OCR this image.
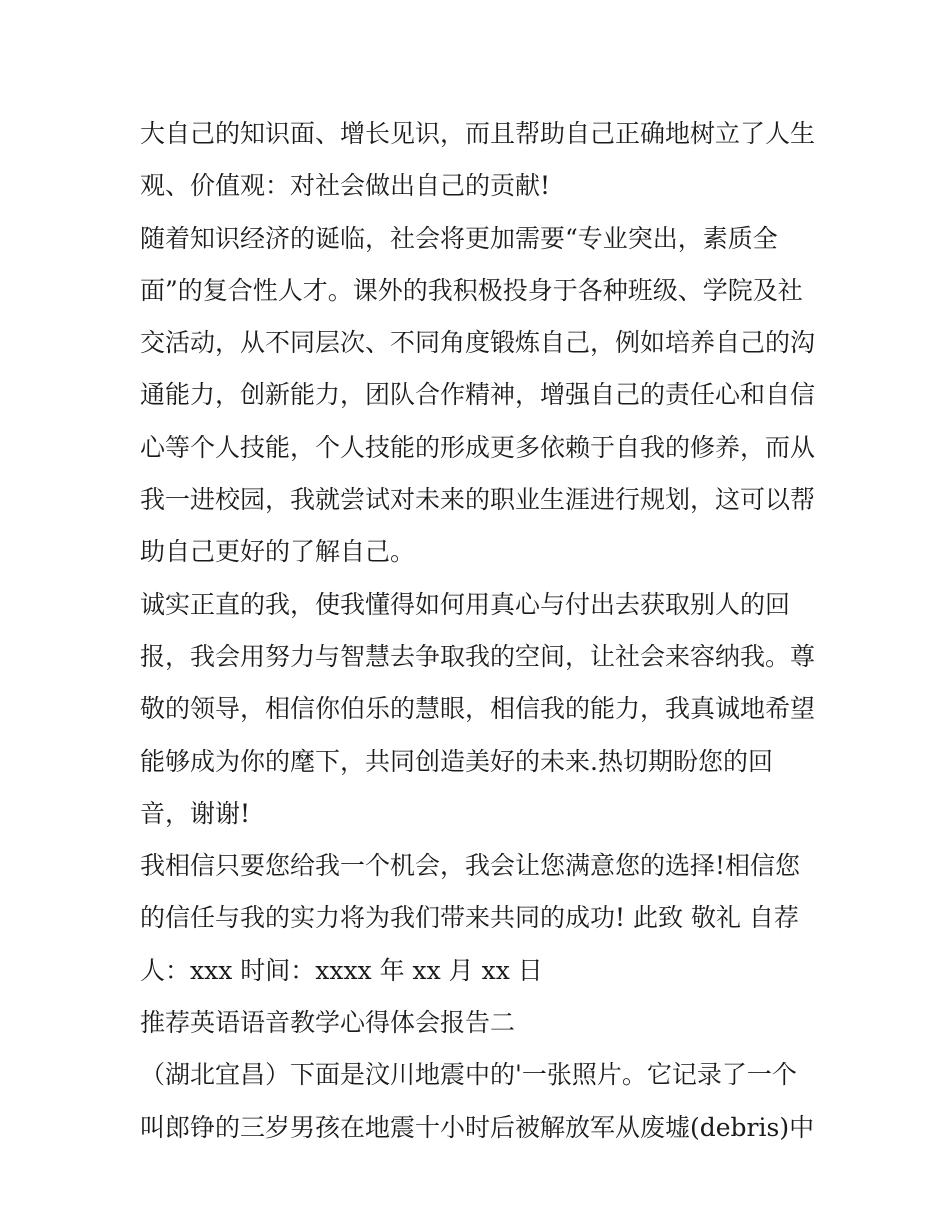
大自己的知识面、增长见识，而且帮助自己正确地树立了人生
观、价值观：对社会做出自己的贡献!
随着知识经济的诞临，社会将更加需要“专业突出，素质全
面”的复合性人才。课外的我积极投身于各种班级、学院及社
交活动，从不同层次、不同角度锻炼自己，例如培养自己的沟
通能力，创新能力，团队合作精神，增强自己的责任心和自信
心等个人技能，个人技能的形成更多依赖于自我的修养，而从
我一进校园，我就尝试对未来的职业生涯进行规划，这可以帮
助自己更好的了解自己。
诚实正直的我，使我懂得如何用真心与付出去获取别人的回
报，我会用努力与智慧去争取我的空间，让社会来容纳我。尊
敬的领导，相信你伯乐的慧眼，相信我的能力，我真诚地希望
能够成为你的麾下，共同创造美好的未来.热切期盼您的回
音，谢谢!
我相信只要您给我一个机会，我会让您满意您的选择!相信您
的信任与我的实力将为我们带来共同的成功! 此致 敬礼 自荐
人：xxx 时间：xxxx 年 xx 月 xx 日
推荐英语语音教学心得体会报告二
（湖北宜昌）下面是汶川地震中的'一张照片。它记录了一个
叫郎铮的三岁男孩在地震十小时后被解放军从废墟(debris)中
